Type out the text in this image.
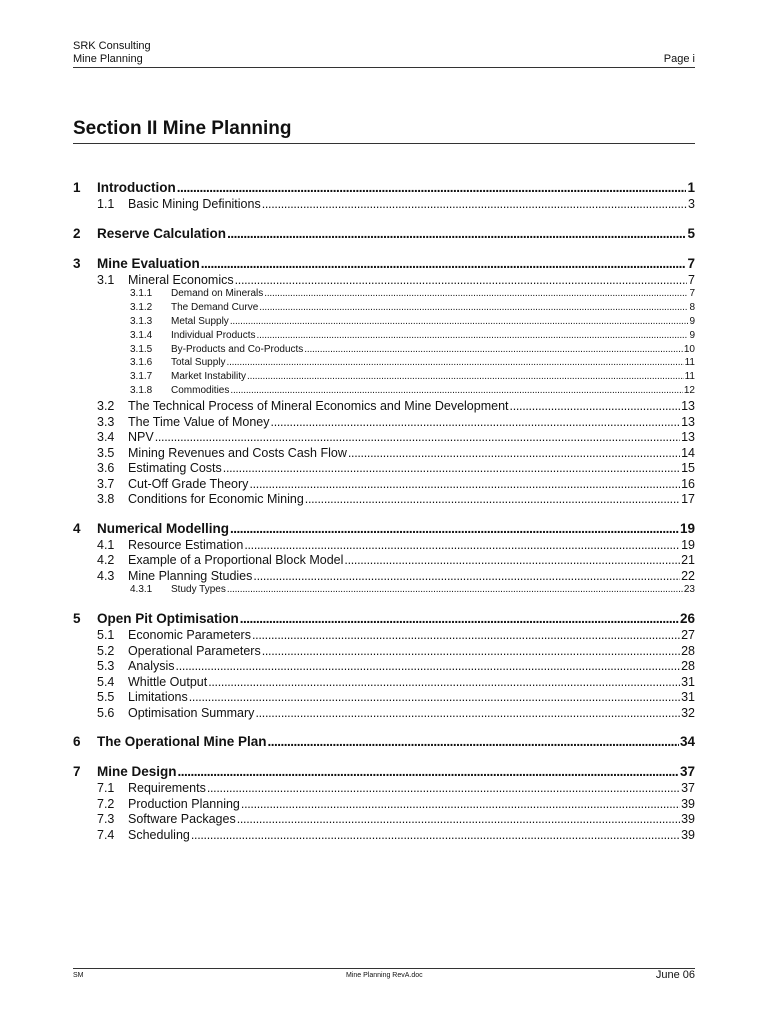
SRK Consulting
Mine Planning	Page i
Section II Mine Planning
1	Introduction .....	1
1.1	Basic Mining Definitions .....	3
2	Reserve Calculation .....	5
3	Mine Evaluation .....	7
3.1	Mineral Economics .....	7
3.1.1	Demand on Minerals .....	7
3.1.2	The Demand Curve .....	8
3.1.3	Metal Supply .....	9
3.1.4	Individual Products .....	9
3.1.5	By-Products and Co-Products .....	10
3.1.6	Total Supply .....	11
3.1.7	Market Instability .....	11
3.1.8	Commodities .....	12
3.2	The Technical Process of Mineral Economics and Mine Development .....	13
3.3	The Time Value of Money .....	13
3.4	NPV .....	13
3.5	Mining Revenues and Costs Cash Flow .....	14
3.6	Estimating Costs .....	15
3.7	Cut-Off Grade Theory .....	16
3.8	Conditions for Economic Mining .....	17
4	Numerical Modelling .....	19
4.1	Resource Estimation .....	19
4.2	Example of a Proportional Block Model .....	21
4.3	Mine Planning Studies .....	22
4.3.1	Study Types .....	23
5	Open Pit Optimisation .....	26
5.1	Economic Parameters .....	27
5.2	Operational Parameters .....	28
5.3	Analysis .....	28
5.4	Whittle Output .....	31
5.5	Limitations .....	31
5.6	Optimisation Summary .....	32
6	The Operational Mine Plan .....	34
7	Mine Design .....	37
7.1	Requirements .....	37
7.2	Production Planning .....	39
7.3	Software Packages .....	39
7.4	Scheduling .....	39
SM	Mine Planning RevA.doc	June 06
